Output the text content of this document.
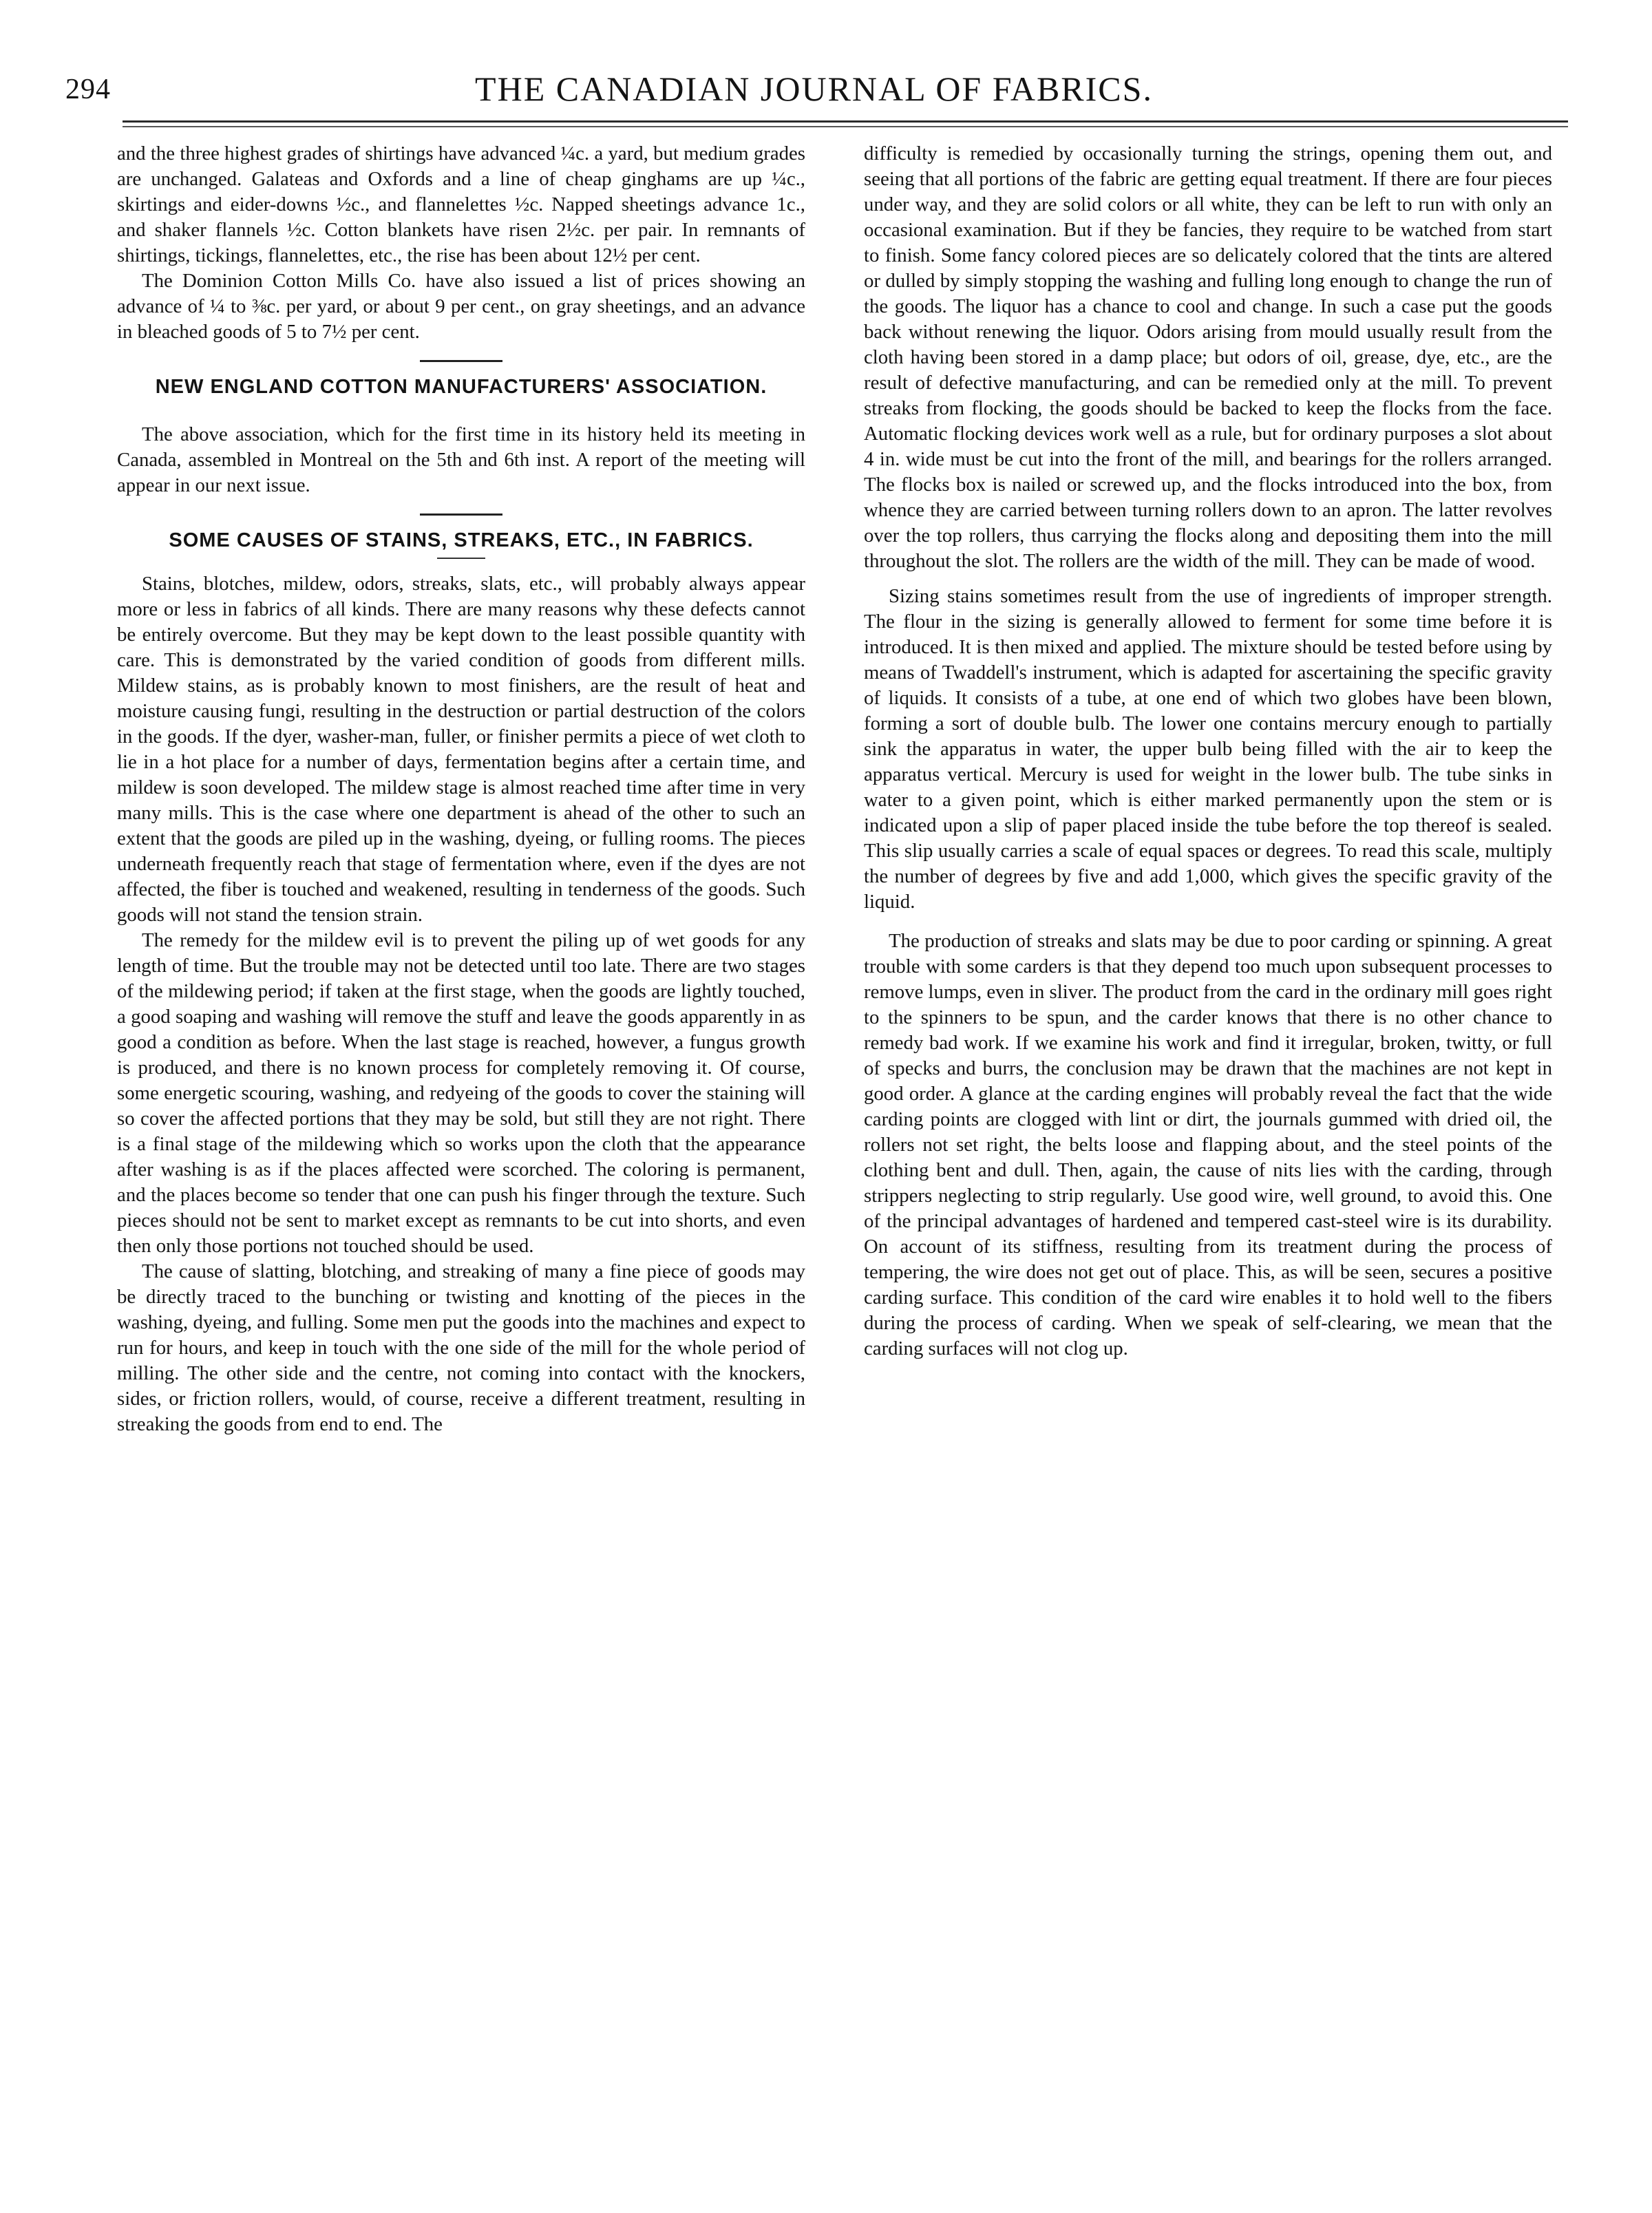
294	THE CANADIAN JOURNAL OF FABRICS.

and the three highest grades of shirtings have advanced ¼c. a yard, but medium grades are unchanged. Galateas and Oxfords and a line of cheap ginghams are up ¼c., skirtings and eider-downs ½c., and flannelettes ½c. Napped sheetings advance 1c., and shaker flannels ½c. Cotton blankets have risen 2½c. per pair. In remnants of shirtings, tickings, flannelettes, etc., the rise has been about 12½ per cent.

The Dominion Cotton Mills Co. have also issued a list of prices showing an advance of ¼ to ⅜c. per yard, or about 9 per cent., on gray sheetings, and an advance in bleached goods of 5 to 7½ per cent.

NEW ENGLAND COTTON MANUFACTURERS' ASSOCIATION.

The above association, which for the first time in its history held its meeting in Canada, assembled in Montreal on the 5th and 6th inst. A report of the meeting will appear in our next issue.

SOME CAUSES OF STAINS, STREAKS, ETC., IN FABRICS.

Stains, blotches, mildew, odors, streaks, slats, etc., will probably always appear more or less in fabrics of all kinds. There are many reasons why these defects cannot be entirely overcome. But they may be kept down to the least possible quantity with care. This is demonstrated by the varied condition of goods from different mills. Mildew stains, as is probably known to most finishers, are the result of heat and moisture causing fungi, resulting in the destruction or partial destruction of the colors in the goods. If the dyer, washer-man, fuller, or finisher permits a piece of wet cloth to lie in a hot place for a number of days, fermentation begins after a certain time, and mildew is soon developed. The mildew stage is almost reached time after time in very many mills. This is the case where one department is ahead of the other to such an extent that the goods are piled up in the washing, dyeing, or fulling rooms. The pieces underneath frequently reach that stage of fermentation where, even if the dyes are not affected, the fiber is touched and weakened, resulting in tenderness of the goods. Such goods will not stand the tension strain.

The remedy for the mildew evil is to prevent the piling up of wet goods for any length of time. But the trouble may not be detected until too late. There are two stages of the mildewing period; if taken at the first stage, when the goods are lightly touched, a good soaping and washing will remove the stuff and leave the goods apparently in as good a condition as before. When the last stage is reached, however, a fungus growth is produced, and there is no known process for completely removing it. Of course, some energetic scouring, washing, and redyeing of the goods to cover the staining will so cover the affected portions that they may be sold, but still they are not right. There is a final stage of the mildewing which so works upon the cloth that the appearance after washing is as if the places affected were scorched. The coloring is permanent, and the places become so tender that one can push his finger through the texture. Such pieces should not be sent to market except as remnants to be cut into shorts, and even then only those portions not touched should be used.

The cause of slatting, blotching, and streaking of many a fine piece of goods may be directly traced to the bunching or twisting and knotting of the pieces in the washing, dyeing, and fulling. Some men put the goods into the machines and expect to run for hours, and keep in touch with the one side of the mill for the whole period of milling. The other side and the centre, not coming into contact with the knockers, sides, or friction rollers, would, of course, receive a different treatment, resulting in streaking the goods from end to end. The

difficulty is remedied by occasionally turning the strings, opening them out, and seeing that all portions of the fabric are getting equal treatment. If there are four pieces under way, and they are solid colors or all white, they can be left to run with only an occasional examination. But if they be fancies, they require to be watched from start to finish. Some fancy colored pieces are so delicately colored that the tints are altered or dulled by simply stopping the washing and fulling long enough to change the run of the goods. The liquor has a chance to cool and change. In such a case put the goods back without renewing the liquor. Odors arising from mould usually result from the cloth having been stored in a damp place; but odors of oil, grease, dye, etc., are the result of defective manufacturing, and can be remedied only at the mill. To prevent streaks from flocking, the goods should be backed to keep the flocks from the face. Automatic flocking devices work well as a rule, but for ordinary purposes a slot about 4 in. wide must be cut into the front of the mill, and bearings for the rollers arranged. The flocks box is nailed or screwed up, and the flocks introduced into the box, from whence they are carried between turning rollers down to an apron. The latter revolves over the top rollers, thus carrying the flocks along and depositing them into the mill throughout the slot. The rollers are the width of the mill. They can be made of wood.

Sizing stains sometimes result from the use of ingredients of improper strength. The flour in the sizing is generally allowed to ferment for some time before it is introduced. It is then mixed and applied. The mixture should be tested before using by means of Twaddell's instrument, which is adapted for ascertaining the specific gravity of liquids. It consists of a tube, at one end of which two globes have been blown, forming a sort of double bulb. The lower one contains mercury enough to partially sink the apparatus in water, the upper bulb being filled with the air to keep the apparatus vertical. Mercury is used for weight in the lower bulb. The tube sinks in water to a given point, which is either marked permanently upon the stem or is indicated upon a slip of paper placed inside the tube before the top thereof is sealed. This slip usually carries a scale of equal spaces or degrees. To read this scale, multiply the number of degrees by five and add 1,000, which gives the specific gravity of the liquid.

The production of streaks and slats may be due to poor carding or spinning. A great trouble with some carders is that they depend too much upon subsequent processes to remove lumps, even in sliver. The product from the card in the ordinary mill goes right to the spinners to be spun, and the carder knows that there is no other chance to remedy bad work. If we examine his work and find it irregular, broken, twitty, or full of specks and burrs, the conclusion may be drawn that the machines are not kept in good order. A glance at the carding engines will probably reveal the fact that the wide carding points are clogged with lint or dirt, the journals gummed with dried oil, the rollers not set right, the belts loose and flapping about, and the steel points of the clothing bent and dull. Then, again, the cause of nits lies with the carding, through strippers neglecting to strip regularly. Use good wire, well ground, to avoid this. One of the principal advantages of hardened and tempered cast-steel wire is its durability. On account of its stiffness, resulting from its treatment during the process of tempering, the wire does not get out of place. This, as will be seen, secures a positive carding surface. This condition of the card wire enables it to hold well to the fibers during the process of carding. When we speak of self-clearing, we mean that the carding surfaces will not clog up.
